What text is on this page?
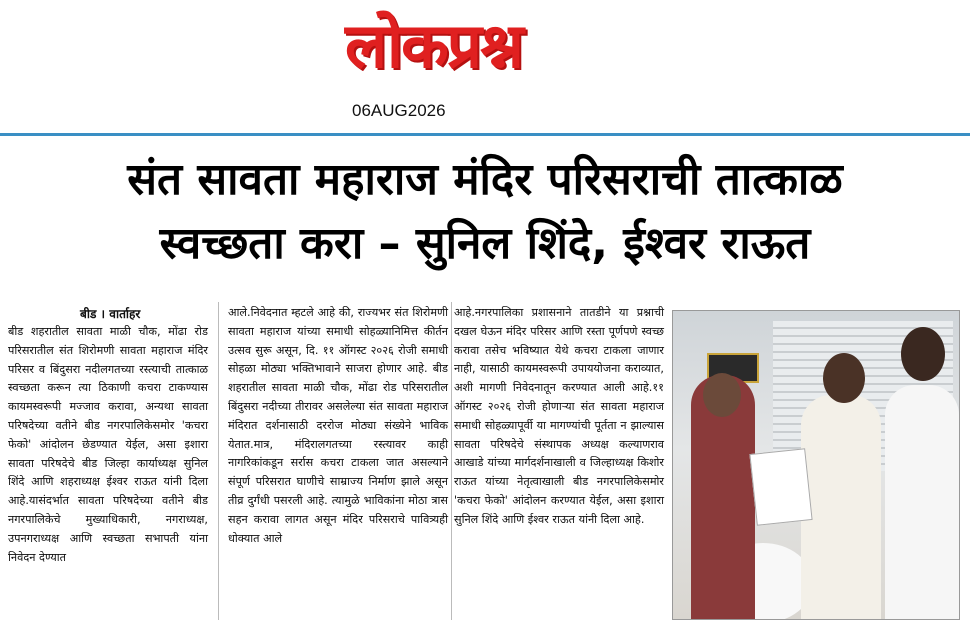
लोकप्रश्न
06AUG2026
संत सावता महाराज मंदिर परिसराची तात्काळ
स्वच्छता करा – सुनिल शिंदे, ईश्वर राऊत
बीड । वार्ताहर
बीड शहरातील सावता माळी चौक, मोंढा रोड परिसरातील संत शिरोमणी सावता महाराज मंदिर परिसर व बिंदुसरा नदीलगतच्या रस्त्याची तात्काळ स्वच्छता करून त्या ठिकाणी कचरा टाकण्यास कायमस्वरूपी मज्जाव करावा, अन्यथा सावता परिषदेच्या वतीने बीड नगरपालिकेसमोर 'कचरा फेको' आंदोलन छेडण्यात येईल, असा इशारा सावता परिषदेचे बीड जिल्हा कार्याध्यक्ष सुनिल शिंदे आणि शहराध्यक्ष ईश्वर राऊत यांनी दिला आहे.यासंदर्भात सावता परिषदेच्या वतीने बीड नगरपालिकेचे मुख्याधिकारी, नगराध्यक्ष, उपनगराध्यक्ष आणि स्वच्छता सभापती यांना निवेदन देण्यात
आले.निवेदनात म्हटले आहे की, राज्यभर संत शिरोमणी सावता महाराज यांच्या समाधी सोहळ्यानिमित्त कीर्तन उत्सव सुरू असून, दि. ११ ऑगस्ट २०२६ रोजी समाधी सोहळा मोठ्या भक्तिभावाने साजरा होणार आहे. बीड शहरातील सावता माळी चौक, मोंढा रोड परिसरातील बिंदुसरा नदीच्या तीरावर असलेल्या संत सावता महाराज मंदिरात दर्शनासाठी दररोज मोठ्या संख्येने भाविक येतात.मात्र, मंदिरालगतच्या रस्त्यावर काही नागरिकांकडून सर्रास कचरा टाकला जात असल्याने संपूर्ण परिसरात घाणीचे साम्राज्य निर्माण झाले असून तीव्र दुर्गंधी पसरली आहे. त्यामुळे भाविकांना मोठा त्रास सहन करावा लागत असून मंदिर परिसराचे पावित्र्यही धोक्यात आले
आहे.नगरपालिका प्रशासनाने तातडीने या प्रश्नाची दखल घेऊन मंदिर परिसर आणि रस्ता पूर्णपणे स्वच्छ करावा तसेच भविष्यात येथे कचरा टाकला जाणार नाही, यासाठी कायमस्वरूपी उपाययोजना कराव्यात, अशी मागणी निवेदनातून करण्यात आली आहे.११ ऑगस्ट २०२६ रोजी होणाऱ्या संत सावता महाराज समाधी सोहळ्यापूर्वी या मागण्यांची पूर्तता न झाल्यास सावता परिषदेचे संस्थापक अध्यक्ष कल्याणराव आखाडे यांच्या मार्गदर्शनाखाली व जिल्हाध्यक्ष किशोर राऊत यांच्या नेतृत्वाखाली बीड नगरपालिकेसमोर 'कचरा फेको' आंदोलन करण्यात येईल, असा इशारा सुनिल शिंदे आणि ईश्वर राऊत यांनी दिला आहे.
